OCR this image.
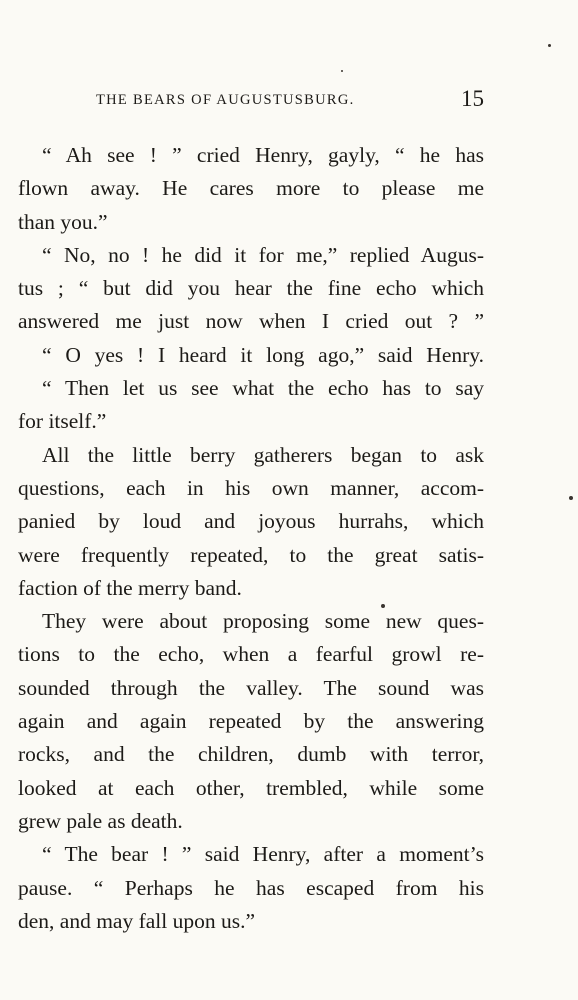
THE BEARS OF AUGUSTUSBURG.	15
“ Ah see ! ” cried Henry, gayly, “ he has
flown away. He cares more to please me
than you.”
“ No, no ! he did it for me,” replied Augus-
tus ; “ but did you hear the fine echo which
answered me just now when I cried out ? ”
“ O yes ! I heard it long ago,” said Henry.
“ Then let us see what the echo has to say
for itself.”
All the little berry gatherers began to ask
questions, each in his own manner, accom-
panied by loud and joyous hurrahs, which
were frequently repeated, to the great satis-
faction of the merry band.
They were about proposing some new ques-
tions to the echo, when a fearful growl re-
sounded through the valley. The sound was
again and again repeated by the answering
rocks, and the children, dumb with terror,
looked at each other, trembled, while some
grew pale as death.
“ The bear ! ” said Henry, after a moment’s
pause. “ Perhaps he has escaped from his
den, and may fall upon us.”
